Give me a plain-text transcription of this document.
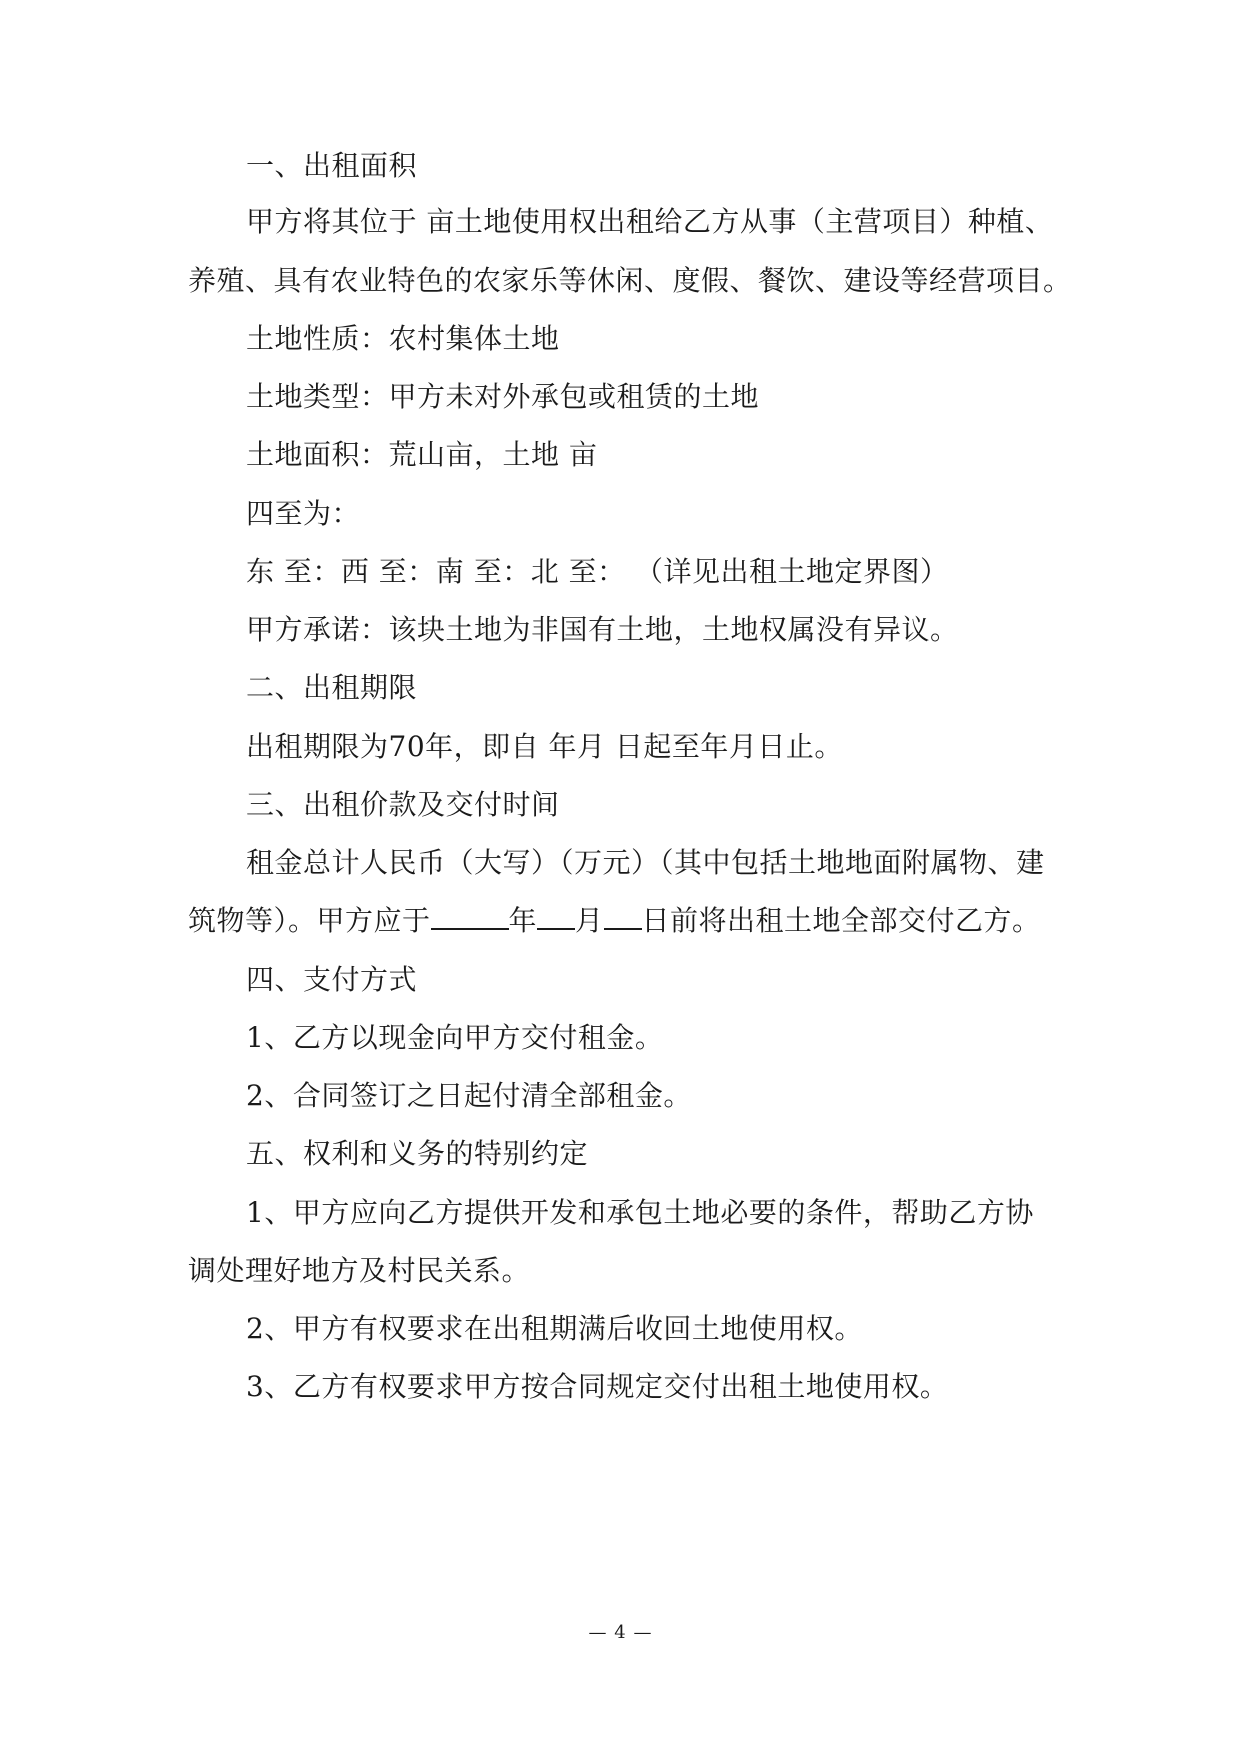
一、出租面积
甲方将其位于 亩土地使用权出租给乙方从事（主营项目）种植、
养殖、具有农业特色的农家乐等休闲、度假、餐饮、建设等经营项目。
土地性质：农村集体土地
土地类型：甲方未对外承包或租赁的土地
土地面积：荒山亩，土地 亩
四至为：
东 至：西 至：南 至：北 至： （详见出租土地定界图）
甲方承诺：该块土地为非国有土地，土地权属没有异议。
二、出租期限
出租期限为70年，即自 年月 日起至年月日止。
三、出租价款及交付时间
租金总计人民币（大写）（万元）（其中包括土地地面附属物、建
筑物等）。甲方应于	年 月 日前将出租土地全部交付乙方。
四、支付方式
1、乙方以现金向甲方交付租金。
2、合同签订之日起付清全部租金。
五、权利和义务的特别约定
1、甲方应向乙方提供开发和承包土地必要的条件，帮助乙方协
调处理好地方及村民关系。
2、甲方有权要求在出租期满后收回土地使用权。
3、乙方有权要求甲方按合同规定交付出租土地使用权。
— 4 —
